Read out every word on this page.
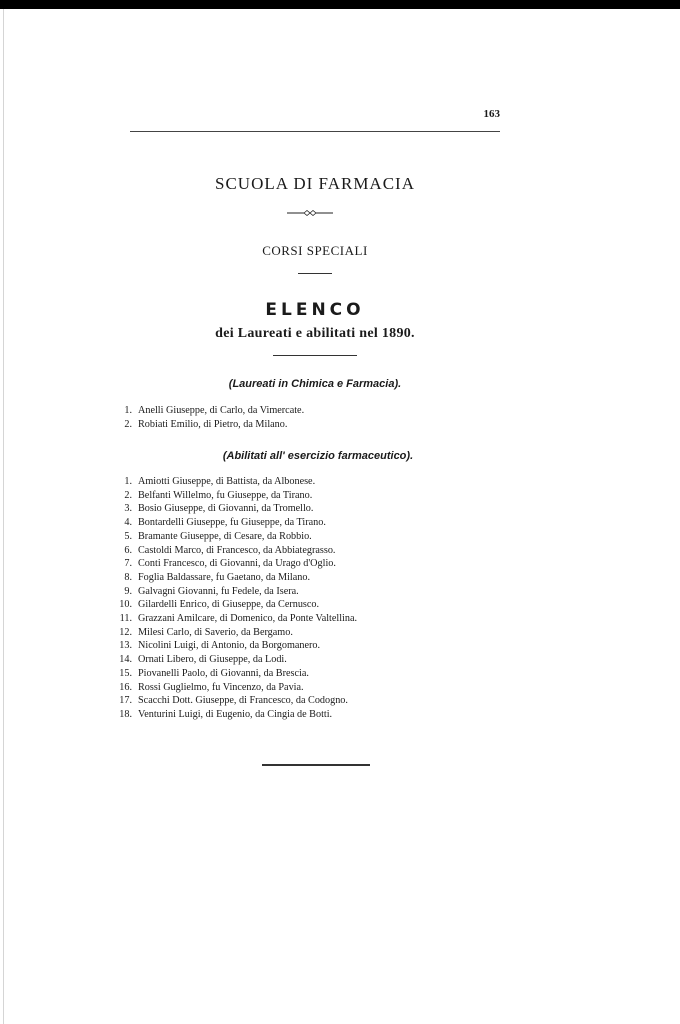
163
SCUOLA DI FARMACIA
CORSI SPECIALI
ELENCO
dei Laureati e abilitati nel 1890.
(Laureati in Chimica e Farmacia).
1. Anelli Giuseppe, di Carlo, da Vimercate.
2. Robiati Emilio, di Pietro, da Milano.
(Abilitati all' esercizio farmaceutico).
1. Amiotti Giuseppe, di Battista, da Albonese.
2. Belfanti Willelmo, fu Giuseppe, da Tirano.
3. Bosio Giuseppe, di Giovanni, da Tromello.
4. Bontardelli Giuseppe, fu Giuseppe, da Tirano.
5. Bramante Giuseppe, di Cesare, da Robbio.
6. Castoldi Marco, di Francesco, da Abbiategrasso.
7. Conti Francesco, di Giovanni, da Urago d'Oglio.
8. Foglia Baldassare, fu Gaetano, da Milano.
9. Galvagni Giovanni, fu Fedele, da Isera.
10. Gilardelli Enrico, di Giuseppe, da Cernusco.
11. Grazzani Amilcare, di Domenico, da Ponte Valtellina.
12. Milesi Carlo, di Saverio, da Bergamo.
13. Nicolini Luigi, di Antonio, da Borgomanero.
14. Ornati Libero, di Giuseppe, da Lodi.
15. Piovanelli Paolo, di Giovanni, da Brescia.
16. Rossi Guglielmo, fu Vincenzo, da Pavia.
17. Scacchi Dott. Giuseppe, di Francesco, da Codogno.
18. Venturini Luigi, di Eugenio, da Cingia de Botti.
